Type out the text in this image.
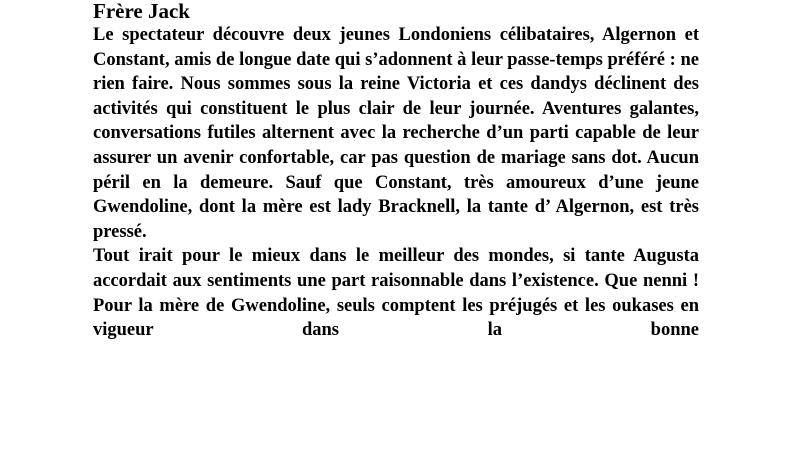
Frère Jack

Le spectateur découvre deux jeunes Londoniens célibataires, Algernon et Constant, amis de longue date qui s’adonnent à leur passe-temps préféré : ne rien faire. Nous sommes sous la reine Victoria et ces dandys déclinent des activités qui constituent le plus clair de leur journée. Aventures galantes, conversations futiles alternent avec la recherche d’un parti capable de leur assurer un avenir confortable, car pas question de mariage sans dot. Aucun péril en la demeure. Sauf que Constant, très amoureux d’une jeune Gwendoline, dont la mère est lady Bracknell, la tante d’ Algernon, est très pressé.

Tout irait pour le mieux dans le meilleur des mondes, si tante Augusta accordait aux sentiments une part raisonnable dans l’existence. Que nenni ! Pour la mère de Gwendoline, seuls comptent les préjugés et les oukases en vigueur dans la bonne
